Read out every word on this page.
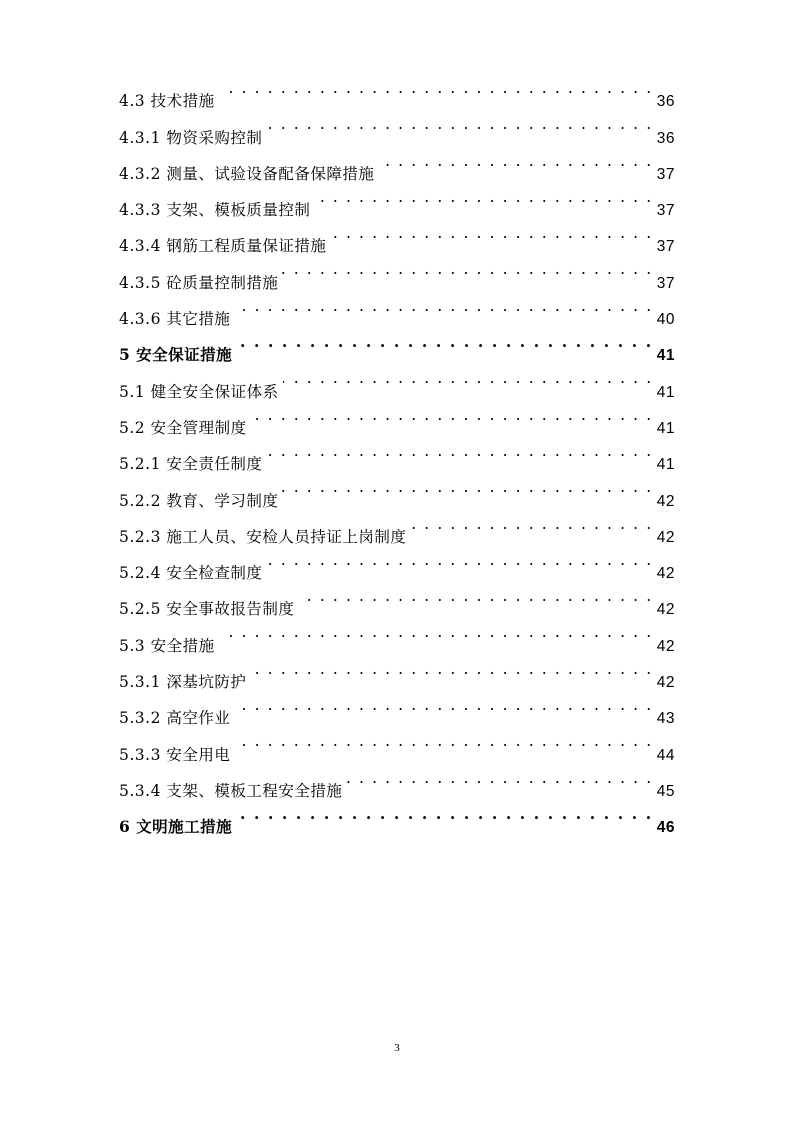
4.3 技术措施 . . .	36
4.3.1 物资采购控制 . . .	36
4.3.2 测量、试验设备配备保障措施 . . .	37
4.3.3 支架、模板质量控制 . . .	37
4.3.4 钢筋工程质量保证措施 . . .	37
4.3.5 砼质量控制措施 . . .	37
4.3.6 其它措施 . . .	40
5 安全保证措施 . . .	41
5.1 健全安全保证体系 . . .	41
5.2 安全管理制度 . . .	41
5.2.1 安全责任制度 . . .	41
5.2.2 教育、学习制度 . . .	42
5.2.3 施工人员、安检人员持证上岗制度 . . .	42
5.2.4 安全检查制度 . . .	42
5.2.5 安全事故报告制度 . . .	42
5.3 安全措施 . . .	42
5.3.1 深基坑防护 . . .	42
5.3.2 高空作业 . . .	43
5.3.3 安全用电 . . .	44
5.3.4 支架、模板工程安全措施 . . .	45
6 文明施工措施 . . .	46
3
